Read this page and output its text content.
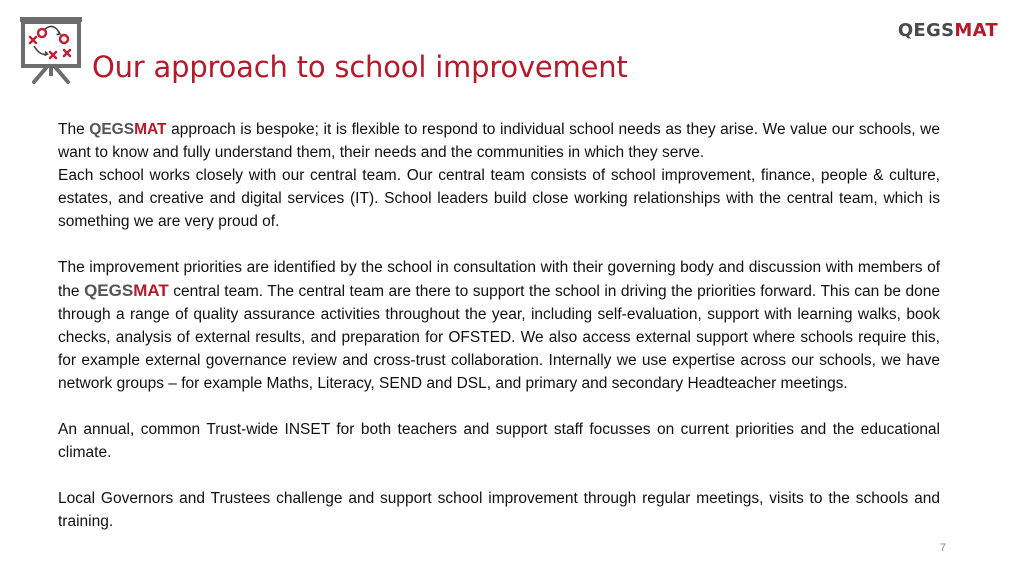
QEGSMAT
Our approach to school improvement

The QEGSMAT approach is bespoke; it is flexible to respond to individual school needs as they arise. We value our schools, we want to know and fully understand them, their needs and the communities in which they serve.

Each school works closely with our central team. Our central team consists of school improvement, finance, people & culture, estates, and creative and digital services (IT). School leaders build close working relationships with the central team, which is something we are very proud of.

The improvement priorities are identified by the school in consultation with their governing body and discussion with members of the QEGSMAT central team. The central team are there to support the school in driving the priorities forward. This can be done through a range of quality assurance activities throughout the year, including self-evaluation, support with learning walks, book checks, analysis of external results, and preparation for OFSTED. We also access external support where schools require this, for example external governance review and cross-trust collaboration. Internally we use expertise across our schools, we have network groups – for example Maths, Literacy, SEND and DSL, and primary and secondary Headteacher meetings.

An annual, common Trust-wide INSET for both teachers and support staff focusses on current priorities and the educational climate.

Local Governors and Trustees challenge and support school improvement through regular meetings, visits to the schools and training.

7
